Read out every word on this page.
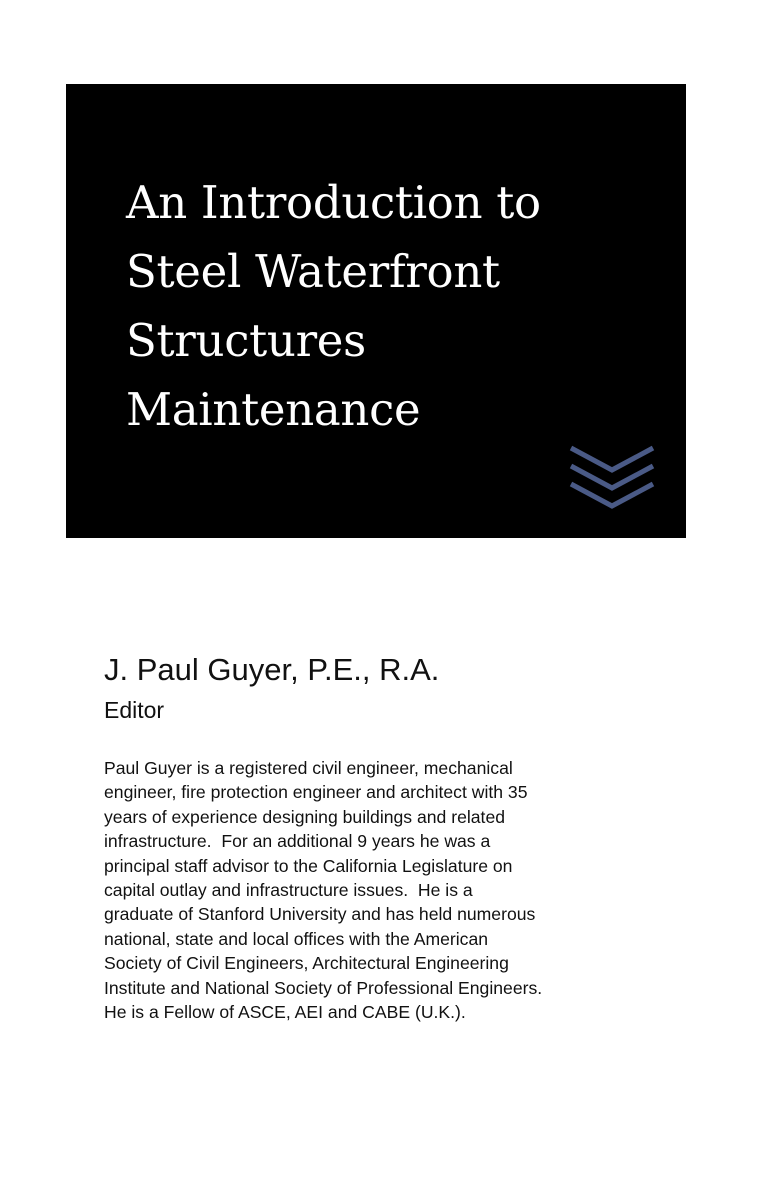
An Introduction to
Steel Waterfront
Structures
Maintenance
J. Paul Guyer, P.E., R.A.
Editor
Paul Guyer is a registered civil engineer, mechanical
engineer, fire protection engineer and architect with 35
years of experience designing buildings and related
infrastructure.  For an additional 9 years he was a
principal staff advisor to the California Legislature on
capital outlay and infrastructure issues.  He is a
graduate of Stanford University and has held numerous
national, state and local offices with the American
Society of Civil Engineers, Architectural Engineering
Institute and National Society of Professional Engineers.
He is a Fellow of ASCE, AEI and CABE (U.K.).
